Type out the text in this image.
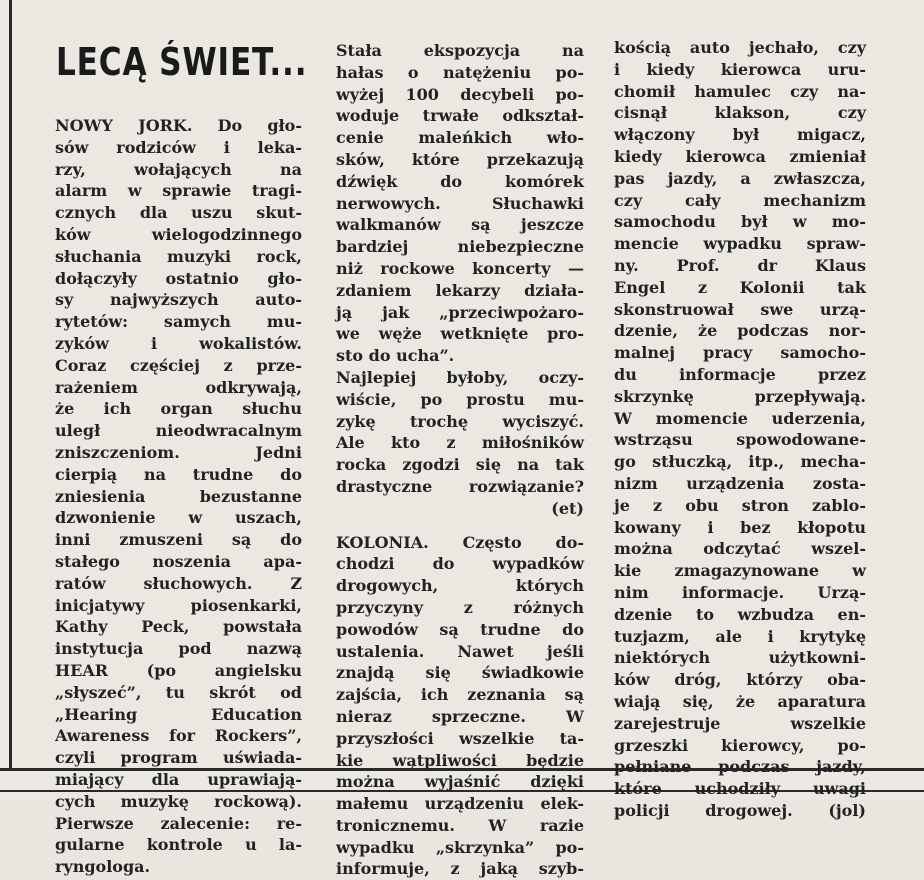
LECĄ ŚWIET...
NOWY JORK. Do gło-
sów rodziców i leka-
rzy, wołających na
alarm w sprawie tragi-
cznych dla uszu skut-
ków wielogodzinnego
słuchania muzyki rock,
dołączyły ostatnio gło-
sy najwyższych auto-
rytetów: samych mu-
zyków i wokalistów.
Coraz częściej z prze-
rażeniem odkrywają,
że ich organ słuchu
uległ nieodwracalnym
zniszczeniom. Jedni
cierpią na trudne do
zniesienia bezustanne
dzwonienie w uszach,
inni zmuszeni są do
stałego noszenia apa-
ratów słuchowych. Z
inicjatywy piosenkarki,
Kathy Peck, powstała
instytucja pod nazwą
HEAR (po angielsku
„słyszeć”, tu skrót od
„Hearing Education
Awareness for Rockers”,
czyli program uświada-
miający dla uprawiają-
cych muzykę rockową).
Pierwsze zalecenie: re-
gularne kontrole u la-
ryngologa.
Stała ekspozycja na
hałas o natężeniu po-
wyżej 100 decybeli po-
woduje trwałe odkształ-
cenie maleńkich wło-
sków, które przekazują
dźwięk do komórek
nerwowych. Słuchawki
walkmanów są jeszcze
bardziej niebezpieczne
niż rockowe koncerty —
zdaniem lekarzy działa-
ją jak „przeciwpożaro-
we węże wetknięte pro-
sto do ucha”.
Najlepiej byłoby, oczy-
wiście, po prostu mu-
zykę trochę wyciszyć.
Ale kto z miłośników
rocka zgodzi się na tak
drastyczne rozwiązanie?
(et)
KOLONIA. Często do-
chodzi do wypadków
drogowych, których
przyczyny z różnych
powodów są trudne do
ustalenia. Nawet jeśli
znajdą się świadkowie
zajścia, ich zeznania są
nieraz sprzeczne. W
przyszłości wszelkie ta-
kie wątpliwości będzie
można wyjaśnić dzięki
małemu urządzeniu elek-
tronicznemu. W razie
wypadku „skrzynka” po-
informuje, z jaką szyb-
kością auto jechało, czy
i kiedy kierowca uru-
chomił hamulec czy na-
cisnął klakson, czy
włączony był migacz,
kiedy kierowca zmieniał
pas jazdy, a zwłaszcza,
czy cały mechanizm
samochodu był w mo-
mencie wypadku spraw-
ny. Prof. dr Klaus
Engel z Kolonii tak
skonstruował swe urzą-
dzenie, że podczas nor-
malnej pracy samocho-
du informacje przez
skrzynkę przepływają.
W momencie uderzenia,
wstrząsu spowodowane-
go stłuczką, itp., mecha-
nizm urządzenia zosta-
je z obu stron zablo-
kowany i bez kłopotu
można odczytać wszel-
kie zmagazynowane w
nim informacje. Urzą-
dzenie to wzbudza en-
tuzjazm, ale i krytykę
niektórych użytkowni-
ków dróg, którzy oba-
wiają się, że aparatura
zarejestruje wszelkie
grzeszki kierowcy, po-
pełniane podczas jazdy,
które uchodziły uwagi
policji drogowej. (jol)
